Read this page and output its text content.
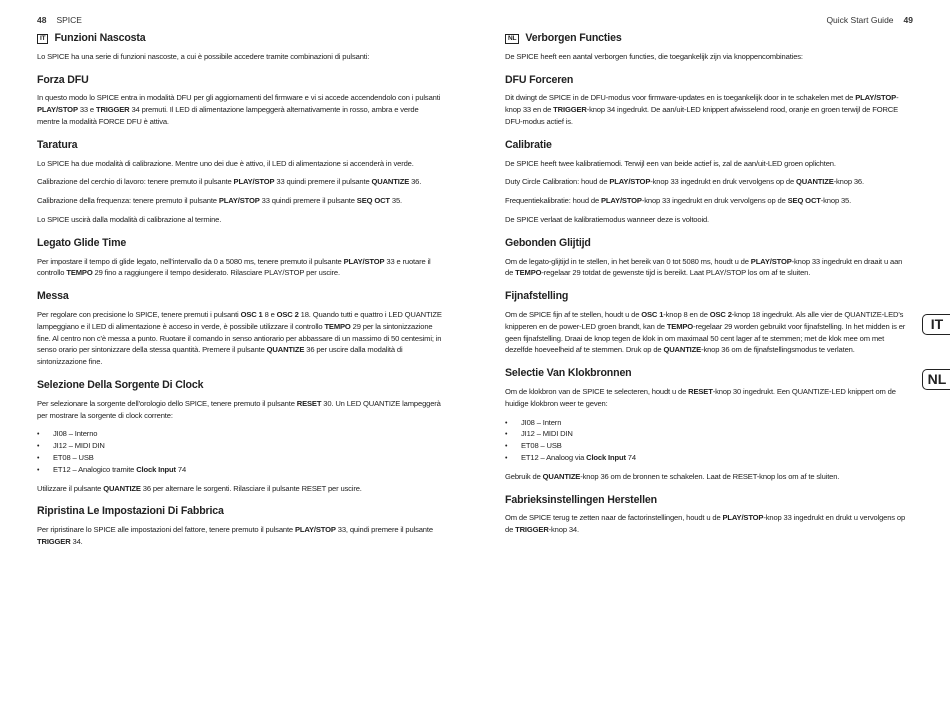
48 SPICE	Quick Start Guide 49
IT Funzioni Nascosta

Lo SPICE ha una serie di funzioni nascoste, a cui è possibile accedere tramite combinazioni di pulsanti:

Forza DFU

In questo modo lo SPICE entra in modalità DFU per gli aggiornamenti del firmware e vi si accede accendendolo con i pulsanti PLAY/STOP 33 e TRIGGER 34 premuti. Il LED di alimentazione lampeggerà alternativamente in rosso, ambra e verde mentre la modalità FORCE DFU è attiva.

Taratura

Lo SPICE ha due modalità di calibrazione. Mentre uno dei due è attivo, il LED di alimentazione si accenderà in verde.

Calibrazione del cerchio di lavoro: tenere premuto il pulsante PLAY/STOP 33 quindi premere il pulsante QUANTIZE 36.

Calibrazione della frequenza: tenere premuto il pulsante PLAY/STOP 33 quindi premere il pulsante SEQ OCT 35.

Lo SPICE uscirà dalla modalità di calibrazione al termine.

Legato Glide Time

Per impostare il tempo di glide legato, nell'intervallo da 0 a 5080 ms, tenere premuto il pulsante PLAY/STOP 33 e ruotare il controllo TEMPO 29 fino a raggiungere il tempo desiderato. Rilasciare PLAY/STOP per uscire.

Messa

Per regolare con precisione lo SPICE, tenere premuti i pulsanti OSC 1 8 e OSC 2 18. Quando tutti e quattro i LED QUANTIZE lampeggiano e il LED di alimentazione è acceso in verde, è possibile utilizzare il controllo TEMPO 29 per la sintonizzazione fine. Al centro non c'è messa a punto. Ruotare il comando in senso antiorario per abbassare di un massimo di 50 centesimi; in senso orario per sintonizzare della stessa quantità. Premere il pulsante QUANTIZE 36 per uscire dalla modalità di sintonizzazione fine.

Selezione Della Sorgente Di Clock

Per selezionare la sorgente dell'orologio dello SPICE, tenere premuto il pulsante RESET 30. Un LED QUANTIZE lampeggerà per mostrare la sorgente di clock corrente:

• JI08 – Interno
• JI12 – MIDI DIN
• ET08 – USB
• ET12 – Analogico tramite Clock Input 74

Utilizzare il pulsante QUANTIZE 36 per alternare le sorgenti. Rilasciare il pulsante RESET per uscire.

Ripristina Le Impostazioni Di Fabbrica

Per ripristinare lo SPICE alle impostazioni del fattore, tenere premuto il pulsante PLAY/STOP 33, quindi premere il pulsante TRIGGER 34.

NL Verborgen Functies

De SPICE heeft een aantal verborgen functies, die toegankelijk zijn via knoppencombinaties:

DFU Forceren

Dit dwingt de SPICE in de DFU-modus voor firmware-updates en is toegankelijk door in te schakelen met de PLAY/STOP-knop 33 en de TRIGGER-knop 34 ingedrukt. De aan/uit-LED knippert afwisselend rood, oranje en groen terwijl de FORCE DFU-modus actief is.

Calibratie

De SPICE heeft twee kalibratiemodi. Terwijl een van beide actief is, zal de aan/uit-LED groen oplichten.

Duty Circle Calibration: houd de PLAY/STOP-knop 33 ingedrukt en druk vervolgens op de QUANTIZE-knop 36.

Frequentiekalibratie: houd de PLAY/STOP-knop 33 ingedrukt en druk vervolgens op de SEQ OCT-knop 35.

De SPICE verlaat de kalibratiemodus wanneer deze is voltooid.

Gebonden Glijtijd

Om de legato-glijtijd in te stellen, in het bereik van 0 tot 5080 ms, houdt u de PLAY/STOP-knop 33 ingedrukt en draait u aan de TEMPO-regelaar 29 totdat de gewenste tijd is bereikt. Laat PLAY/STOP los om af te sluiten.

Fijnafstelling

Om de SPICE fijn af te stellen, houdt u de OSC 1-knop 8 en de OSC 2-knop 18 ingedrukt. Als alle vier de QUANTIZE-LED's knipperen en de power-LED groen brandt, kan de TEMPO-regelaar 29 worden gebruikt voor fijnafstelling. In het midden is er geen fijnafstelling. Draai de knop tegen de klok in om maximaal 50 cent lager af te stemmen; met de klok mee om met dezelfde hoeveelheid af te stemmen. Druk op de QUANTIZE-knop 36 om de fijnafstellingsmodus te verlaten.

Selectie Van Klokbronnen

Om de klokbron van de SPICE te selecteren, houdt u de RESET-knop 30 ingedrukt. Een QUANTIZE-LED knippert om de huidige klokbron weer te geven:

• JI08 – Intern
• JI12 – MIDI DIN
• ET08 – USB
• ET12 – Analoog via Clock Input 74

Gebruik de QUANTIZE-knop 36 om de bronnen te schakelen. Laat de RESET-knop los om af te sluiten.

Fabrieksinstellingen Herstellen

Om de SPICE terug te zetten naar de factorinstellingen, houdt u de PLAY/STOP-knop 33 ingedrukt en drukt u vervolgens op de TRIGGER-knop 34.

IT
NL
